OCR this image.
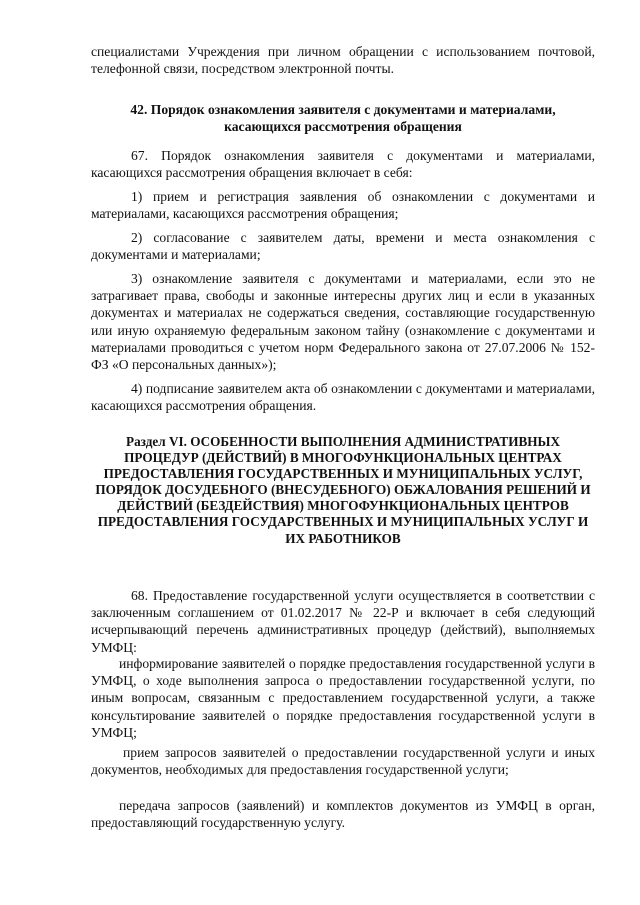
специалистами Учреждения при личном обращении с использованием почтовой, телефонной связи, посредством электронной почты.

42. Порядок ознакомления заявителя с документами и материалами, касающихся рассмотрения обращения

67. Порядок ознакомления заявителя с документами и материалами, касающихся рассмотрения обращения включает в себя:

1) прием и регистрация заявления об ознакомлении с документами и материалами, касающихся рассмотрения обращения;

2) согласование с заявителем даты, времени и места ознакомления с документами и материалами;

3) ознакомление заявителя с документами и материалами, если это не затрагивает права, свободы и законные интересны других лиц и если в указанных документах и материалах не содержаться сведения, составляющие государственную или иную охраняемую федеральным законом тайну (ознакомление с документами и материалами проводиться с учетом норм Федерального закона от 27.07.2006 № 152-ФЗ «О персональных данных»);

4) подписание заявителем акта об ознакомлении с документами и материалами, касающихся рассмотрения обращения.

Раздел VI. ОСОБЕННОСТИ ВЫПОЛНЕНИЯ АДМИНИСТРАТИВНЫХ ПРОЦЕДУР (ДЕЙСТВИЙ) В МНОГОФУНКЦИОНАЛЬНЫХ ЦЕНТРАХ ПРЕДОСТАВЛЕНИЯ ГОСУДАРСТВЕННЫХ И МУНИЦИПАЛЬНЫХ УСЛУГ, ПОРЯДОК ДОСУДЕБНОГО (ВНЕСУДЕБНОГО) ОБЖАЛОВАНИЯ РЕШЕНИЙ И ДЕЙСТВИЙ (БЕЗДЕЙСТВИЯ) МНОГОФУНКЦИОНАЛЬНЫХ ЦЕНТРОВ ПРЕДОСТАВЛЕНИЯ ГОСУДАРСТВЕННЫХ И МУНИЦИПАЛЬНЫХ УСЛУГ И ИХ РАБОТНИКОВ

68. Предоставление государственной услуги осуществляется в соответствии с заключенным соглашением от 01.02.2017 № 22-Р и включает в себя следующий исчерпывающий перечень административных процедур (действий), выполняемых УМФЦ:

информирование заявителей о порядке предоставления государственной услуги в УМФЦ, о ходе выполнения запроса о предоставлении государственной услуги, по иным вопросам, связанным с предоставлением государственной услуги, а также консультирование заявителей о порядке предоставления государственной услуги в УМФЦ;

прием запросов заявителей о предоставлении государственной услуги и иных документов, необходимых для предоставления государственной услуги;

передача запросов (заявлений) и комплектов документов из УМФЦ в орган, предоставляющий государственную услугу.
